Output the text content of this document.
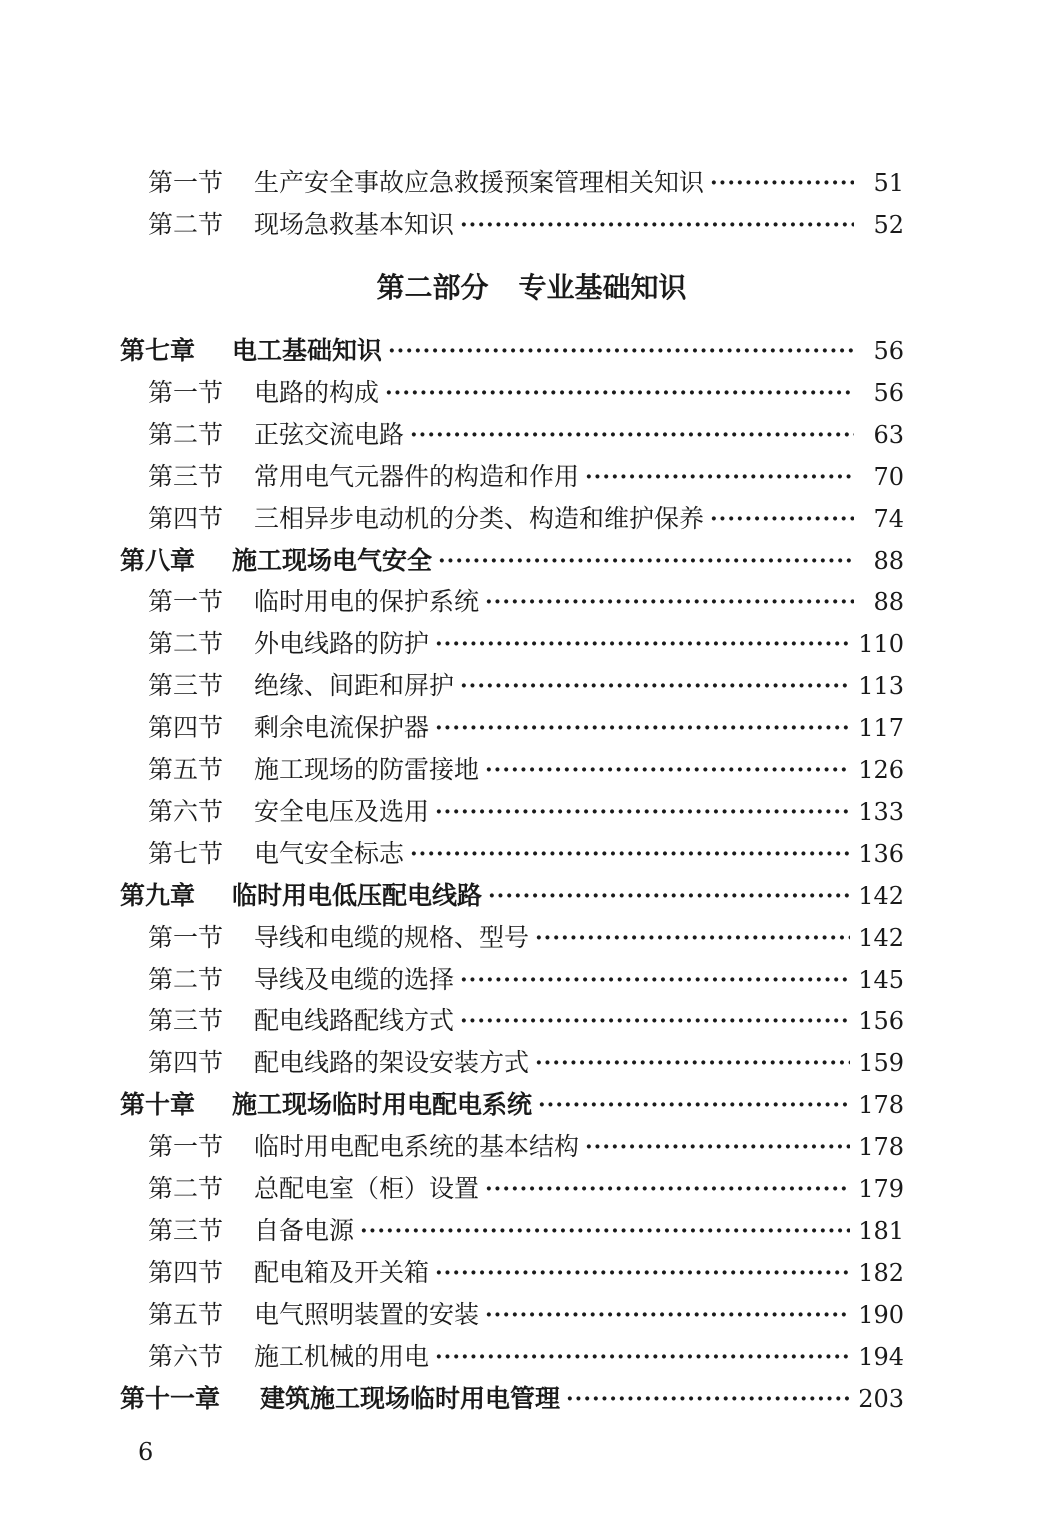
第一节	生产安全事故应急救援预案管理相关知识 ·····	51
第二节	现场急救基本知识 ·····	52
第二部分 专业基础知识
第七章	电工基础知识 ·····	56
第一节	电路的构成 ·····	56
第二节	正弦交流电路 ·····	63
第三节	常用电气元器件的构造和作用 ·····	70
第四节	三相异步电动机的分类、构造和维护保养 ·····	74
第八章	施工现场电气安全 ·····	88
第一节	临时用电的保护系统 ·····	88
第二节	外电线路的防护 ·····	110
第三节	绝缘、间距和屏护 ·····	113
第四节	剩余电流保护器 ·····	117
第五节	施工现场的防雷接地 ·····	126
第六节	安全电压及选用 ·····	133
第七节	电气安全标志 ·····	136
第九章	临时用电低压配电线路 ·····	142
第一节	导线和电缆的规格、型号 ·····	142
第二节	导线及电缆的选择 ·····	145
第三节	配电线路配线方式 ·····	156
第四节	配电线路的架设安装方式 ·····	159
第十章	施工现场临时用电配电系统 ·····	178
第一节	临时用电配电系统的基本结构 ·····	178
第二节	总配电室（柜）设置 ·····	179
第三节	自备电源 ·····	181
第四节	配电箱及开关箱 ·····	182
第五节	电气照明装置的安装 ·····	190
第六节	施工机械的用电 ·····	194
第十一章	建筑施工现场临时用电管理 ·····	203
6
